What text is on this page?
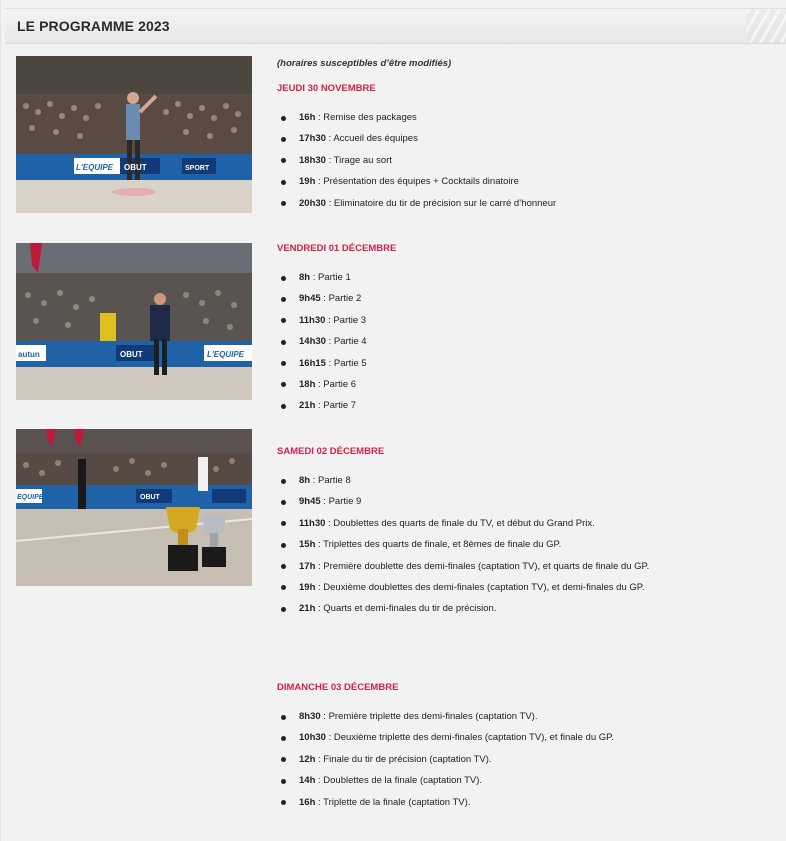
LE PROGRAMME 2023
L'EQUIPE OBUT	SPORT
OBUT	L'EQUIPE
autun
EQUIPE	OBUT
(horaires susceptibles d’être modifiés)
JEUDI 30 NOVEMBRE
16h : Remise des packages
17h30 : Accueil des équipes
18h30 : Tirage au sort
19h : Présentation des équipes + Cocktails dinatoire
20h30 : Eliminatoire du tir de précision sur le carré d’honneur
VENDREDI 01 DÉCEMBRE
8h : Partie 1
9h45 : Partie 2
11h30 : Partie 3
14h30 : Partie 4
16h15 : Partie 5
18h : Partie 6
21h : Partie 7
SAMEDI 02 DÉCEMBRE
8h : Partie 8
9h45 : Partie 9
11h30 : Doublettes des quarts de finale du TV, et début du Grand Prix.
15h : Triplettes des quarts de finale, et 8èmes de finale du GP.
17h : Première doublette des demi-finales (captation TV), et quarts de finale du GP.
19h : Deuxième doublettes des demi-finales (captation TV), et demi-finales du GP.
21h : Quarts et demi-finales du tir de précision.
DIMANCHE 03 DÉCEMBRE
8h30 : Première triplette des demi-finales (captation TV).
10h30 : Deuxième triplette des demi-finales (captation TV), et finale du GP.
12h : Finale du tir de précision (captation TV).
14h : Doublettes de la finale (captation TV).
16h : Triplette de la finale (captation TV).
